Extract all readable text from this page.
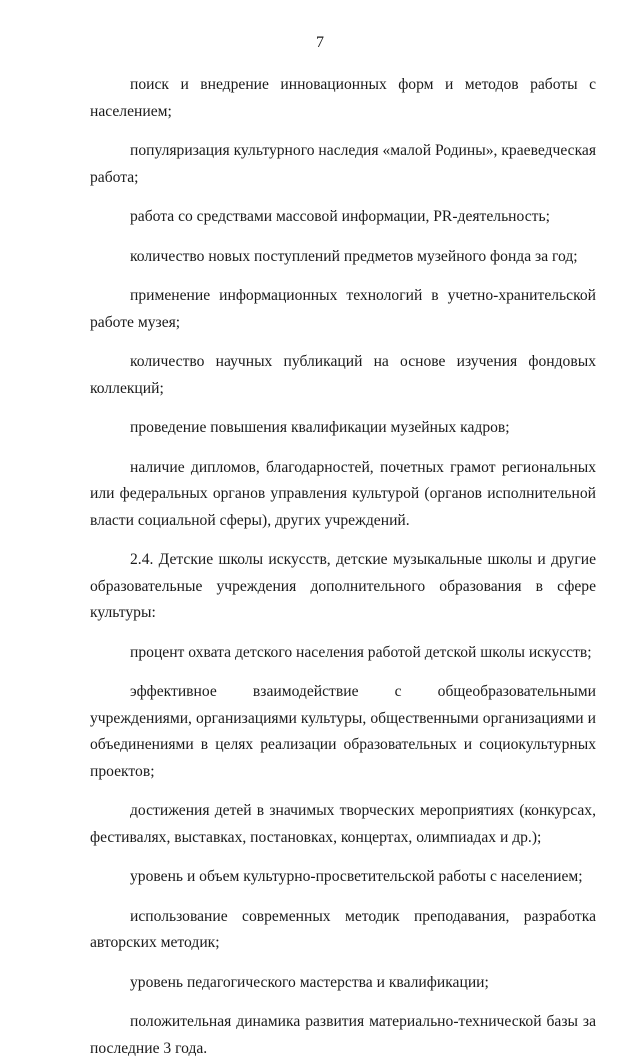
7

поиск и внедрение инновационных форм и методов работы с населением;

популяризация культурного наследия «малой Родины», краеведческая работа;

работа со средствами массовой информации, PR-деятельность;

количество новых поступлений предметов музейного фонда за год;

применение информационных технологий в учетно-хранительской работе музея;

количество научных публикаций на основе изучения фондовых коллекций;

проведение повышения квалификации музейных кадров;

наличие дипломов, благодарностей, почетных грамот региональных или федеральных органов управления культурой (органов исполнительной власти социальной сферы), других учреждений.

2.4. Детские школы искусств, детские музыкальные школы и другие образовательные учреждения дополнительного образования в сфере культуры:

процент охвата детского населения работой детской школы искусств;

эффективное взаимодействие с общеобразовательными учреждениями, организациями культуры, общественными организациями и объединениями в целях реализации образовательных и социокультурных проектов;

достижения детей в значимых творческих мероприятиях (конкурсах, фестивалях, выставках, постановках, концертах, олимпиадах и др.);

уровень и объем культурно-просветительской работы с населением;

использование современных методик преподавания, разработка авторских методик;

уровень педагогического мастерства и квалификации;

положительная динамика развития материально-технической базы за последние 3 года.
